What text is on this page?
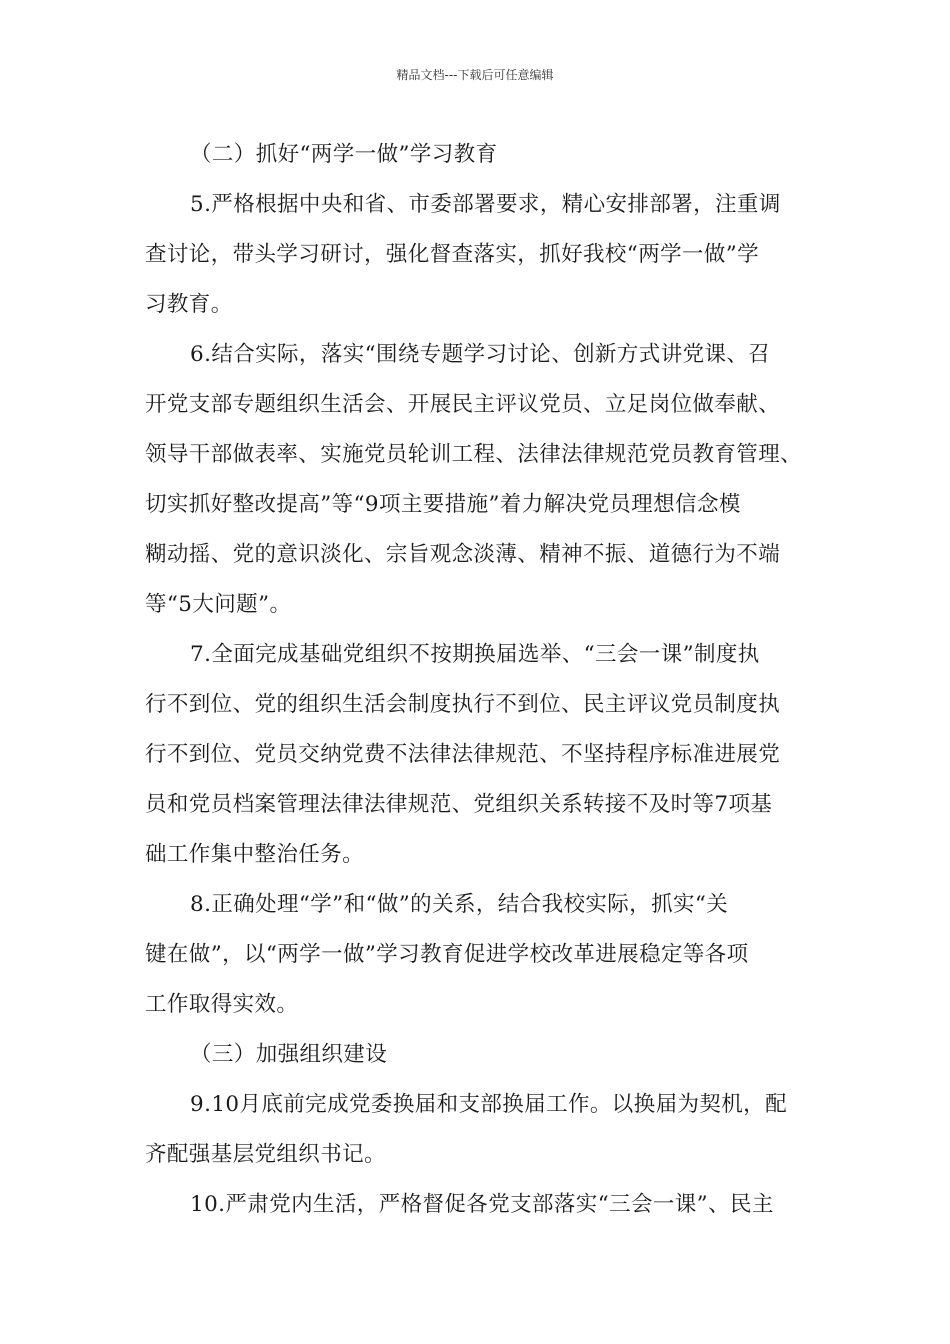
精品文档---下载后可任意编辑
（二）抓好“两学一做”学习教育
5.严格根据中央和省、市委部署要求，精心安排部署，注重调
查讨论，带头学习研讨，强化督查落实，抓好我校“两学一做”学
习教育。
6.结合实际，落实“围绕专题学习讨论、创新方式讲党课、召
开党支部专题组织生活会、开展民主评议党员、立足岗位做奉献、
领导干部做表率、实施党员轮训工程、法律法律规范党员教育管理、
切实抓好整改提高”等“9项主要措施”着力解决党员理想信念模
糊动摇、党的意识淡化、宗旨观念淡薄、精神不振、道德行为不端
等“5大问题”。
7.全面完成基础党组织不按期换届选举、“三会一课”制度执
行不到位、党的组织生活会制度执行不到位、民主评议党员制度执
行不到位、党员交纳党费不法律法律规范、不坚持程序标准进展党
员和党员档案管理法律法律规范、党组织关系转接不及时等7项基
础工作集中整治任务。
8.正确处理“学”和“做”的关系，结合我校实际，抓实“关
键在做”，以“两学一做”学习教育促进学校改革进展稳定等各项
工作取得实效。
（三）加强组织建设
9.10月底前完成党委换届和支部换届工作。以换届为契机，配
齐配强基层党组织书记。
10.严肃党内生活，严格督促各党支部落实“三会一课”、民主
